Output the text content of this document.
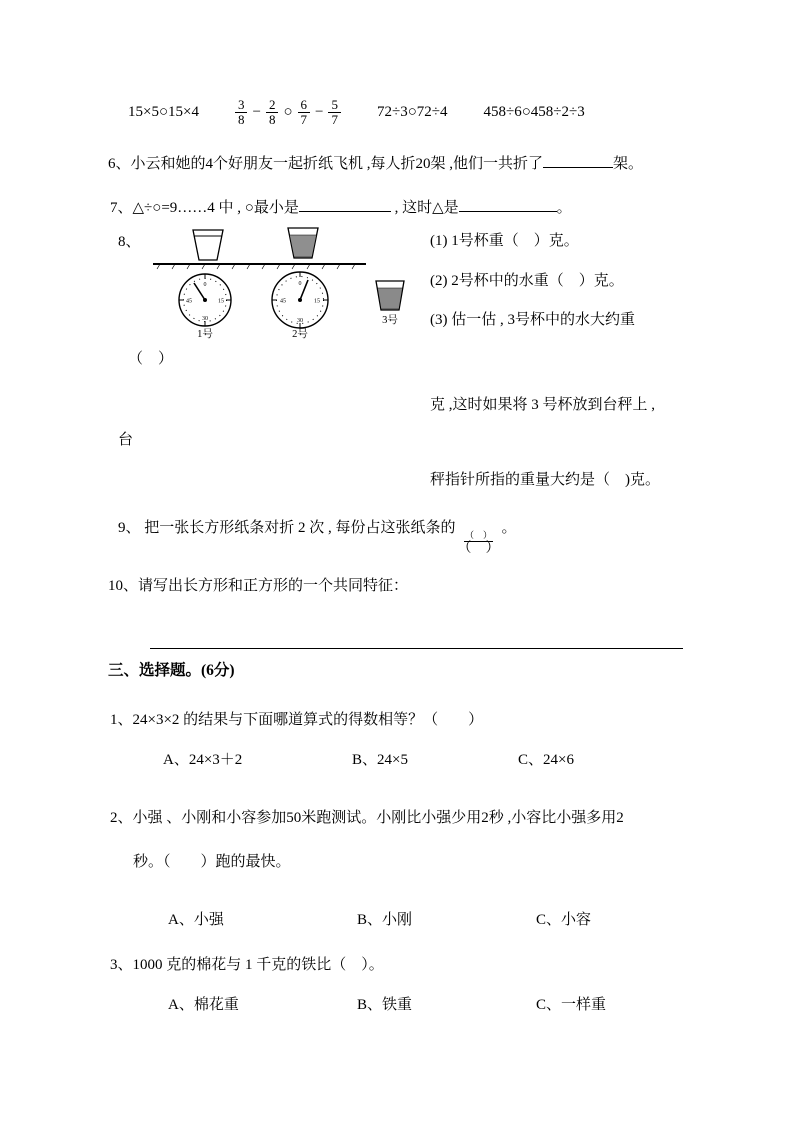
15×5○15×4	$\frac{3}{8} - \frac{2}{8}$ ○ $\frac{6}{7} - \frac{5}{7}$ 72÷3○72÷4 458÷6○458÷2÷3
6、小云和她的4个好朋友一起折纸飞机 ,每人折20架 ,他们一共折了	架。
7、△÷○=9……4 中 , ○最小是	, 这时△是	。
8、
0
15
30
45
0
15
30
45
1号	2号
3号
(1) 1号杯重（　）克。
(2) 2号杯中的水重（　）克。
(3) 估一估 , 3号杯中的水大约重
（　）
克 ,这时如果将 3 号杯放到台秤上 ,
台
秤指针所指的重量大约是（　)克。
9、 把一张长方形纸条对折 2 次 , 每份占这张纸条的 （　）
（　）
。
10、请写出长方形和正方形的一个共同特征：
三、选择题。(6分)
1、24×3×2 的结果与下面哪道算式的得数相等？（　　）
A、24×3＋2	B、24×5	C、24×6
2、小强 、小刚和小容参加50米跑测试。小刚比小强少用2秒 ,小容比小强多用2
秒。（　　）跑的最快。
A、小强	B、小刚	C、小容
3、1000 克的棉花与 1 千克的铁比（　）。
A、棉花重	B、铁重	C、一样重
